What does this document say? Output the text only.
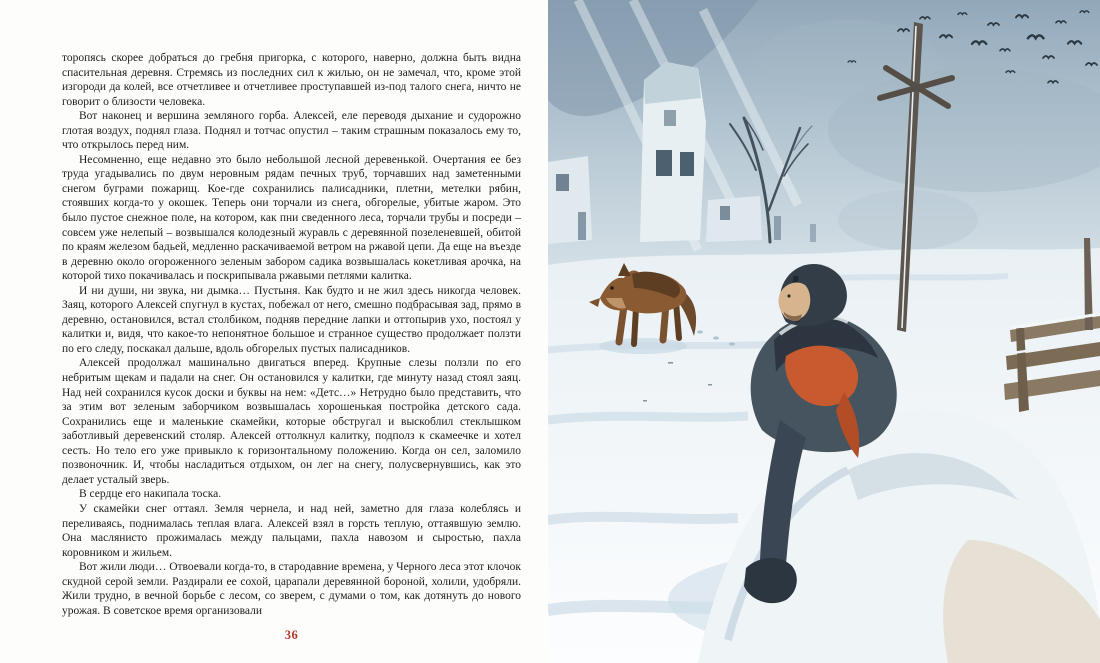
торопясь скорее добраться до гребня пригорка, с которого, наверно, должна быть видна спасительная деревня. Стремясь из последних сил к жилью, он не замечал, что, кроме этой изгороди да колей, все отчетливее и отчетливее проступавшей из-под талого снега, ничто не говорит о близости человека.

Вот наконец и вершина земляного горба. Алексей, еле переводя дыхание и судорожно глотая воздух, поднял глаза. Поднял и тотчас опустил – таким страшным показалось ему то, что открылось перед ним.

Несомненно, еще недавно это было небольшой лесной деревенькой. Очертания ее без труда угадывались по двум неровным рядам печных труб, торчавших над заметенными снегом буграми пожарищ. Кое-где сохранились палисадники, плетни, метелки рябин, стоявших когда-то у окошек. Теперь они торчали из снега, обгорелые, убитые жаром. Это было пустое снежное поле, на котором, как пни сведенного леса, торчали трубы и посреди – совсем уже нелепый – возвышался колодезный журавль с деревянной позеленевшей, обитой по краям железом бадьей, медленно раскачиваемой ветром на ржавой цепи. Да еще на въезде в деревню около огороженного зеленым забором садика возвышалась кокетливая арочка, на которой тихо покачивалась и поскрипывала ржавыми петлями калитка.

И ни души, ни звука, ни дымка… Пустыня. Как будто и не жил здесь никогда человек. Заяц, которого Алексей спугнул в кустах, побежал от него, смешно подбрасывая зад, прямо в деревню, остановился, встал столбиком, подняв передние лапки и оттопырив ухо, постоял у калитки и, видя, что какое-то непонятное большое и странное существо продолжает ползти по его следу, поскакал дальше, вдоль обгорелых пустых палисадников.

Алексей продолжал машинально двигаться вперед. Крупные слезы ползли по его небритым щекам и падали на снег. Он остановился у калитки, где минуту назад стоял заяц. Над ней сохранился кусок доски и буквы на нем: «Детс…» Нетрудно было представить, что за этим вот зеленым заборчиком возвышалась хорошенькая постройка детского сада. Сохранились еще и маленькие скамейки, которые обстругал и выскоблил стеклышком заботливый деревенский столяр. Алексей оттолкнул калитку, подполз к скамеечке и хотел сесть. Но тело его уже привыкло к горизонтальному положению. Когда он сел, заломило позвоночник. И, чтобы насладиться отдыхом, он лег на снегу, полусвернувшись, как это делает усталый зверь.

В сердце его накипала тоска.

У скамейки снег оттаял. Земля чернела, и над ней, заметно для глаза колеблясь и переливаясь, поднималась теплая влага. Алексей взял в горсть теплую, оттаявшую землю. Она маслянисто прожималась между пальцами, пахла навозом и сыростью, пахла коровником и жильем.

Вот жили люди… Отвоевали когда-то, в стародавние времена, у Черного леса этот клочок скудной серой земли. Раздирали ее сохой, царапали деревянной бороной, холили, удобряли. Жили трудно, в вечной борьбе с лесом, со зверем, с думами о том, как дотянуть до нового урожая. В советское время организовали

36
